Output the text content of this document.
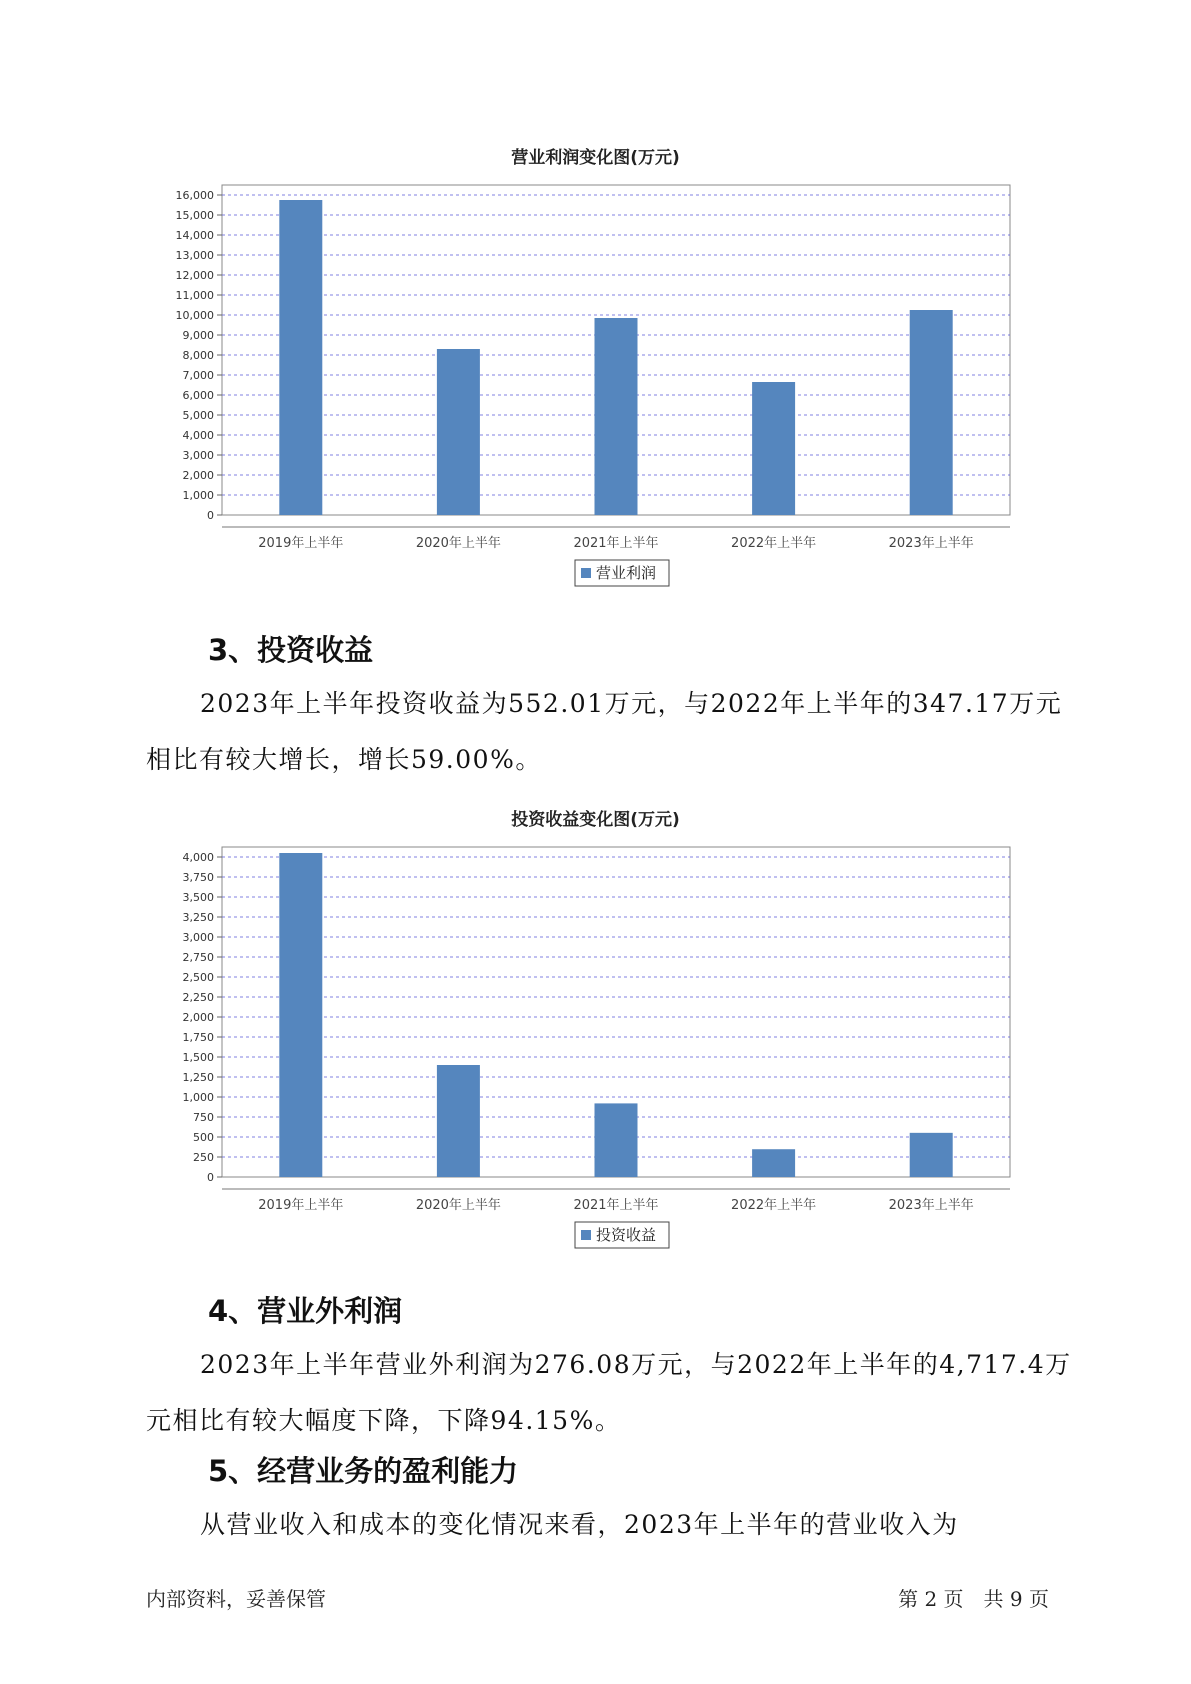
营业利润变化图(万元)
0
1,000
2,000
3,000
4,000
5,000
6,000
7,000
8,000
9,000
10,000
11,000
12,000
13,000
14,000
15,000
16,000
2019年上半年	2020年上半年	2021年上半年	2022年上半年	2023年上半年
营业利润
3、投资收益

2023年上半年投资收益为552.01万元，与2022年上半年的347.17万元相比有较大增长，增长59.00%。

投资收益变化图(万元)
0
250
500
750
1,000
1,250
1,500
1,750
2,000
2,250
2,500
2,750
3,000
3,250
3,500
3,750
4,000
2019年上半年	2020年上半年	2021年上半年	2022年上半年	2023年上半年
投资收益
4、营业外利润

2023年上半年营业外利润为276.08万元，与2022年上半年的4,717.4万元相比有较大幅度下降，下降94.15%。

5、经营业务的盈利能力

从营业收入和成本的变化情况来看，2023年上半年的营业收入为

内部资料，妥善保管	第 2 页　共 9 页
